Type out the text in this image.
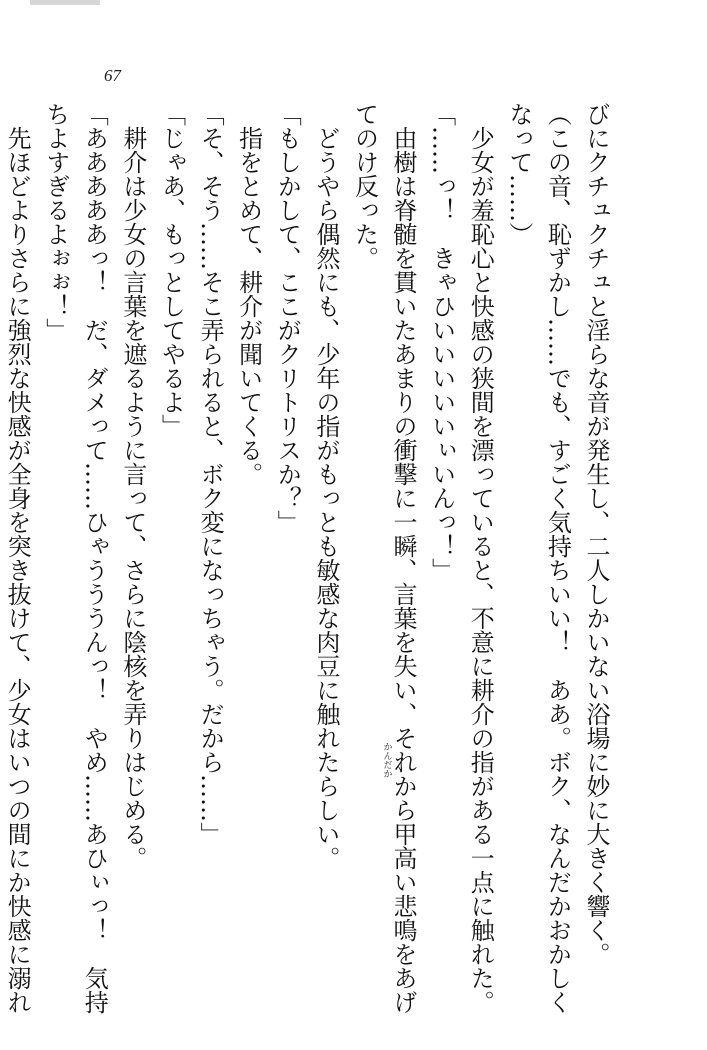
67

びにクチュクチュと淫らな音が発生し、二人しかいない浴場に妙に大きく響く。

（この音、恥ずかし……でも、すごく気持ちいい！　ああ。ボク、なんだかおかしく

なって……）

少女が羞恥心と快感の狭間を漂っていると、不意に耕介の指がある一点に触れた。

「……っ！　きゃひいいいいいぃいんっ！」

かんだか
由樹は脊髄を貫いたあまりの衝撃に一瞬、言葉を失い、それから甲高い悲鳴をあげ

てのけ反った。

どうやら偶然にも、少年の指がもっとも敏感な肉豆に触れたらしい。

「もしかして、ここがクリトリスか？」

指をとめて、耕介が聞いてくる。

「そ、そう……そこ弄られると、ボク変になっちゃう。だから……」

「じゃあ、もっとしてやるよ」

耕介は少女の言葉を遮るように言って、さらに陰核を弄りはじめる。

「あああああっ！　だ、ダメって……ひゃうううんっ！　やめ……あひぃっ！　気持

ちよすぎるよぉぉ！」

先ほどよりさらに強烈な快感が全身を突き抜けて、少女はいつの間にか快感に溺れ
